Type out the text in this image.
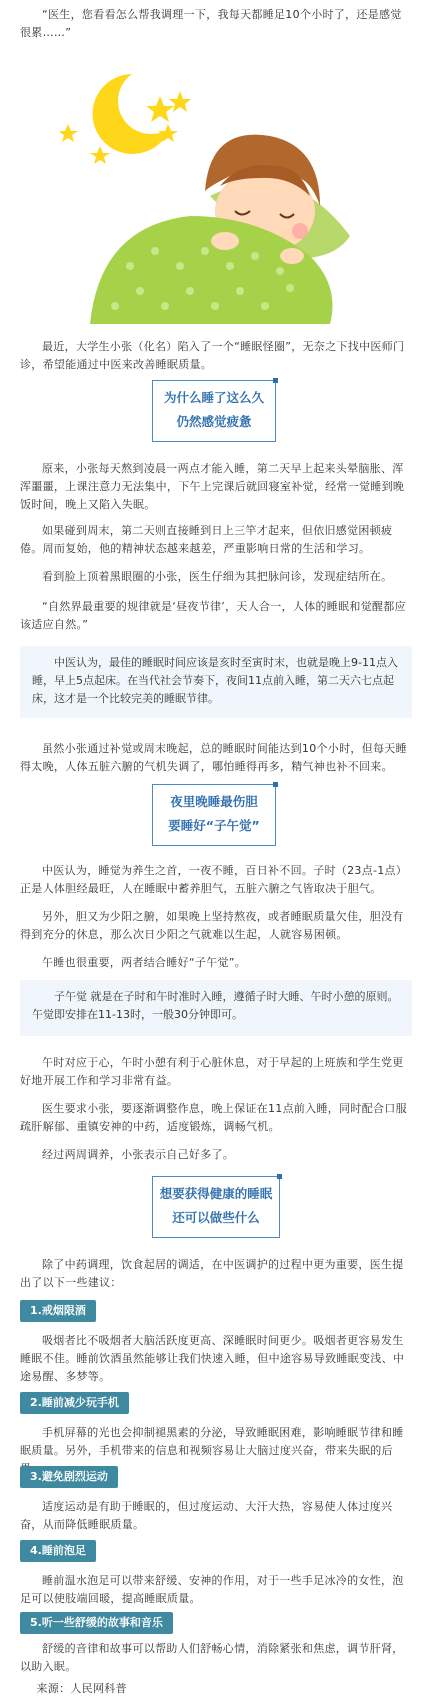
“医生，您看看怎么帮我调理一下，我每天都睡足10个小时了，还是感觉很累……”

最近，大学生小张（化名）陷入了一个“睡眠怪圈”，无奈之下找中医师门诊，希望能通过中医来改善睡眠质量。

为什么睡了这么久
仍然感觉疲惫

原来，小张每天熬到凌晨一两点才能入睡，第二天早上起来头晕脑胀、浑浑噩噩，上课注意力无法集中，下午上完课后就回寝室补觉，经常一觉睡到晚饭时间，晚上又陷入失眠。

如果碰到周末，第二天则直接睡到日上三竿才起来，但依旧感觉困顿疲倦。周而复始，他的精神状态越来越差，严重影响日常的生活和学习。

看到脸上顶着黑眼圈的小张，医生仔细为其把脉问诊，发现症结所在。

“自然界最重要的规律就是‘昼夜节律’，天人合一，人体的睡眠和觉醒都应该适应自然。”

中医认为，最佳的睡眠时间应该是亥时至寅时末，也就是晚上9-11点入睡，早上5点起床。在当代社会节奏下，夜间11点前入睡，第二天六七点起床，这才是一个比较完美的睡眠节律。

虽然小张通过补觉或周末晚起，总的睡眠时间能达到10个小时，但每天睡得太晚，人体五脏六腑的气机失调了，哪怕睡得再多，精气神也补不回来。

夜里晚睡最伤胆
要睡好“子午觉”

中医认为，睡觉为养生之首，一夜不睡，百日补不回。子时（23点-1点）正是人体胆经最旺，人在睡眠中蓄养胆气，五脏六腑之气皆取决于胆气。

另外，胆又为少阳之腑，如果晚上坚持熬夜，或者睡眠质量欠佳，胆没有得到充分的休息，那么次日少阳之气就难以生起，人就容易困顿。

午睡也很重要，两者结合睡好“子午觉”。

子午觉 就是在子时和午时准时入睡，遵循子时大睡、午时小憩的原则。午觉即安排在11-13时，一般30分钟即可。

午时对应于心，午时小憩有利于心脏休息，对于早起的上班族和学生党更好地开展工作和学习非常有益。

医生要求小张，要逐渐调整作息，晚上保证在11点前入睡，同时配合口服疏肝解郁、重镇安神的中药，适度锻炼，调畅气机。

经过两周调养，小张表示自己好多了。

想要获得健康的睡眠
还可以做些什么

除了中药调理，饮食起居的调适，在中医调护的过程中更为重要，医生提出了以下一些建议：

1.戒烟限酒

吸烟者比不吸烟者大脑活跃度更高、深睡眠时间更少。吸烟者更容易发生睡眠不佳。睡前饮酒虽然能够让我们快速入睡，但中途容易导致睡眠变浅、中途易醒、多梦等。

2.睡前减少玩手机

手机屏幕的光也会抑制褪黑素的分泌，导致睡眠困难，影响睡眠节律和睡眠质量。另外，手机带来的信息和视频容易让大脑过度兴奋，带来失眠的后

3.避免剧烈运动

适度运动是有助于睡眠的，但过度运动、大汗大热，容易使人体过度兴奋，从而降低睡眠质量。

4.睡前泡足

睡前温水泡足可以带来舒缓、安神的作用，对于一些手足冰冷的女性，泡足可以使肢端回暖，提高睡眠质量。

5.听一些舒缓的故事和音乐

舒缓的音律和故事可以帮助人们舒畅心情，消除紧张和焦虑，调节肝肾，以助入眠。

来源：人民网科普
